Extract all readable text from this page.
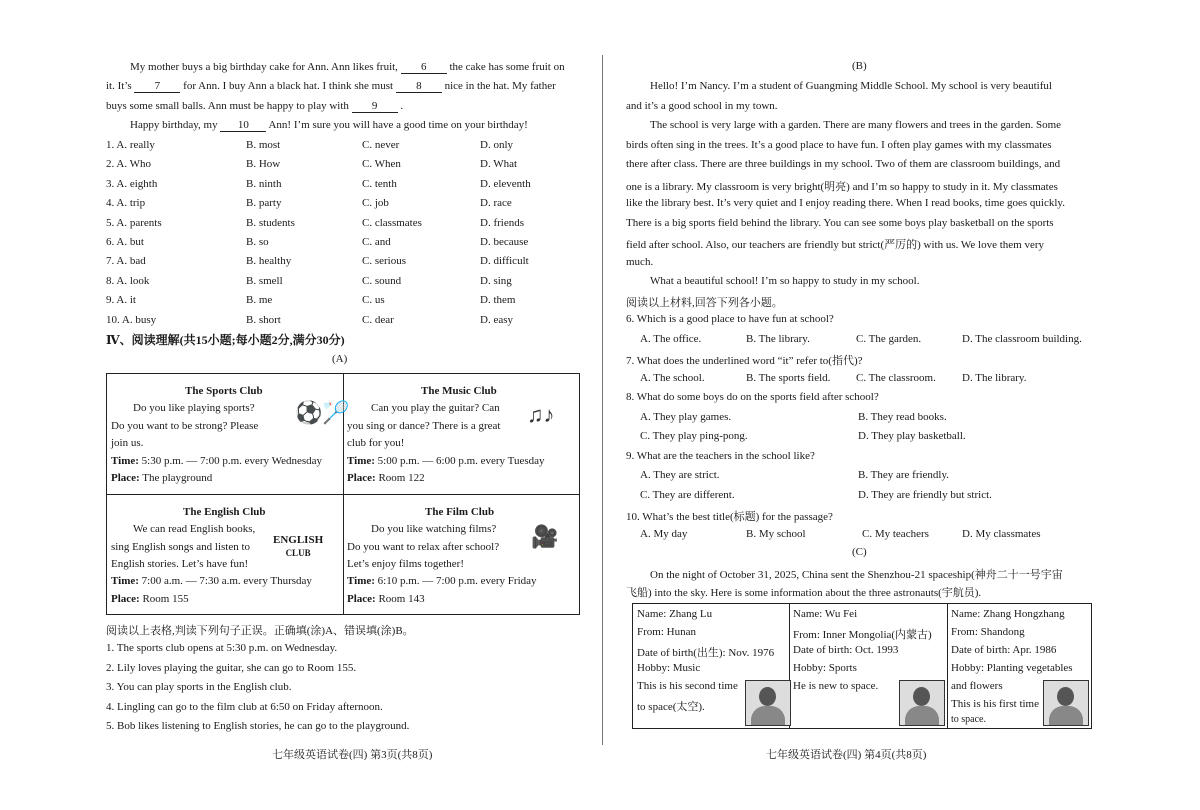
My mother buys a big birthday cake for Ann. Ann likes fruit, 6 the cake has some fruit on
it. It’s 7 for Ann. I buy Ann a black hat. I think she must 8 nice in the hat. My father
buys some small balls. Ann must be happy to play with 9 .
Happy birthday, my 10 Ann! I’m sure you will have a good time on your birthday!
1. A. really	B. most	C. never	D. only
2. A. Who	B. How	C. When	D. What
3. A. eighth	B. ninth	C. tenth	D. eleventh
4. A. trip	B. party	C. job	D. race
5. A. parents	B. students	C. classmates	D. friends
6. A. but	B. so	C. and	D. because
7. A. bad	B. healthy	C. serious	D. difficult
8. A. look	B. smell	C. sound	D. sing
9. A. it	B. me	C. us	D. them
10. A. busy	B. short	C. dear	D. easy
Ⅳ、阅读理解(共15小题;每小题2分,满分30分)
(A)
The Sports Club
Do you like playing sports?
Do you want to be strong? Please
join us.
Time: 5:30 p.m. — 7:00 p.m. every Wednesday
Place: The playground
⚽🏸
The Music Club
Can you play the guitar? Can
you sing or dance? There is a great
club for you!
Time: 5:00 p.m. — 6:00 p.m. every Tuesday
Place: Room 122
♫♪
The English Club
We can read English books,
sing English songs and listen to
English stories. Let’s have fun!
Time: 7:00 a.m. — 7:30 a.m. every Thursday
Place: Room 155
ENGLISH
CLUB
The Film Club
Do you like watching films?
Do you want to relax after school?
Let’s enjoy films together!
Time: 6:10 p.m. — 7:00 p.m. every Friday
Place: Room 143
🎥
阅读以上表格,判读下列句子正误。正确填(涂)A、错误填(涂)B。
1. The sports club opens at 5:30 p.m. on Wednesday.
2. Lily loves playing the guitar, she can go to Room 155.
3. You can play sports in the English club.
4. Lingling can go to the film club at 6:50 on Friday afternoon.
5. Bob likes listening to English stories, he can go to the playground.
七年级英语试卷(四) 第3页(共8页)
(B)
Hello! I’m Nancy. I’m a student of Guangming Middle School. My school is very beautiful
and it’s a good school in my town.
The school is very large with a garden. There are many flowers and trees in the garden. Some
birds often sing in the trees. It’s a good place to have fun. I often play games with my classmates
there after class. There are three buildings in my school. Two of them are classroom buildings, and
one is a library. My classroom is very bright(明亮) and I’m so happy to study in it. My classmates
like the library best. It’s very quiet and I enjoy reading there. When I read books, time goes quickly.
There is a big sports field behind the library. You can see some boys play basketball on the sports
field after school. Also, our teachers are friendly but strict(严厉的) with us. We love them very
much.
What a beautiful school! I’m so happy to study in my school.
阅读以上材料,回答下列各小题。
6. Which is a good place to have fun at school?
A. The office.	B. The library.	C. The garden.	D. The classroom building.
7. What does the underlined word “it” refer to(指代)?
A. The school.	B. The sports field. C. The classroom. D. The library.
8. What do some boys do on the sports field after school?
A. They play games.	B. They read books.
C. They play ping-pong.	D. They play basketball.
9. What are the teachers in the school like?
A. They are strict.	B. They are friendly.
C. They are different.	D. They are friendly but strict.
10. What’s the best title(标题) for the passage?
A. My day	B. My school	C. My teachers	D. My classmates
(C)
On the night of October 31, 2025, China sent the Shenzhou-21 spaceship(神舟二十一号宇宙
飞船) into the sky. Here is some information about the three astronauts(宇航员).
Name: Zhang Lu
From: Hunan
Date of birth(出生): Nov. 1976
Hobby: Music
This is his second time
to space(太空).
Name: Wu Fei
From: Inner Mongolia(内蒙古)
Date of birth: Oct. 1993
Hobby: Sports
He is new to space.
Name: Zhang Hongzhang
From: Shandong
Date of birth: Apr. 1986
Hobby: Planting vegetables
and flowers
This is his first time
to space.
七年级英语试卷(四) 第4页(共8页)
